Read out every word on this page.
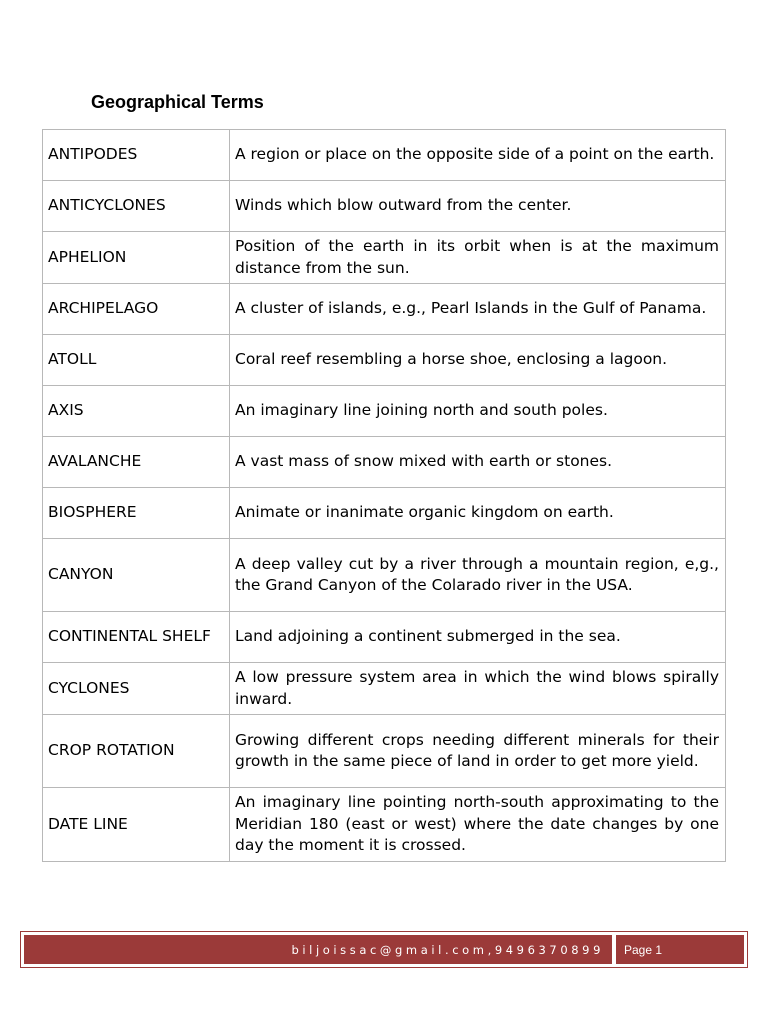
Geographical Terms
ANTIPODES	A region or place on the opposite side of a point on the earth.
ANTICYCLONES	Winds which blow outward from the center.
APHELION	Position of the earth in its orbit when is at the maximum distance from the sun.
ARCHIPELAGO	A cluster of islands, e.g., Pearl Islands in the Gulf of Panama.
ATOLL	Coral reef resembling a horse shoe, enclosing a lagoon.
AXIS	An imaginary line joining north and south poles.
AVALANCHE	A vast mass of snow mixed with earth or stones.
BIOSPHERE	Animate or inanimate organic kingdom on earth.
CANYON	A deep valley cut by a river through a mountain region, e,g., the Grand Canyon of the Colarado river in the USA.
CONTINENTAL SHELF	Land adjoining a continent submerged in the sea.
CYCLONES	A low pressure system area in which the wind blows spirally inward.
CROP ROTATION	Growing different crops needing different minerals for their growth in the same piece of land in order to get more yield.
DATE LINE	An imaginary line pointing north-south approximating to the Meridian 180 (east or west) where the date changes by one day the moment it is crossed.
biljoissac@gmail.com,9496370899	Page 1
